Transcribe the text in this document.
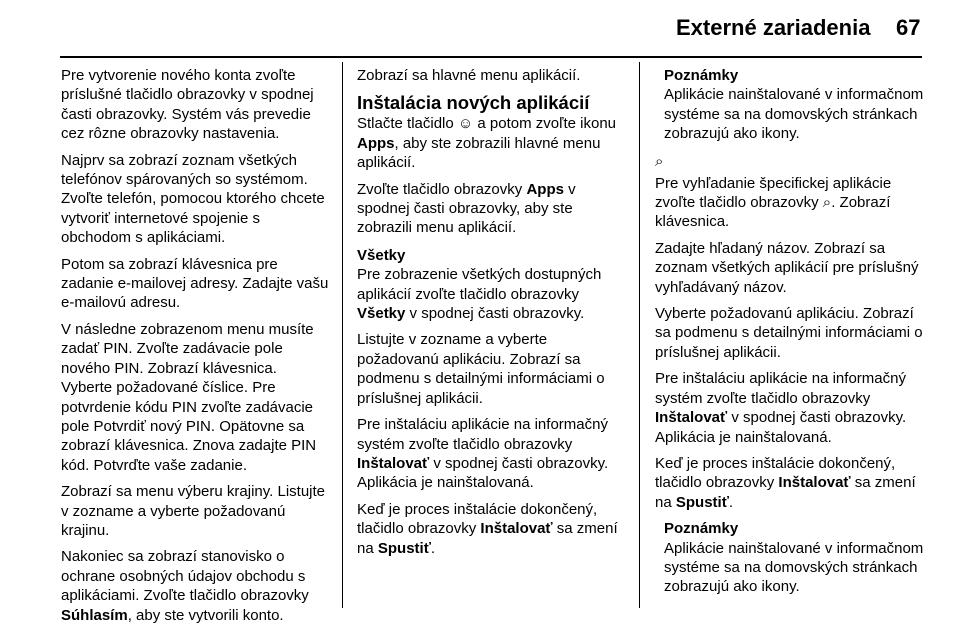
Externé zariadenia 67

Pre vytvorenie nového konta zvoľte príslušné tlačidlo obrazovky v spodnej časti obrazovky. Systém vás prevedie cez rôzne obrazovky nastavenia.

Najprv sa zobrazí zoznam všetkých telefónov spárovaných so systémom. Zvoľte telefón, pomocou ktorého chcete vytvoriť internetové spojenie s obchodom s aplikáciami.

Potom sa zobrazí klávesnica pre zadanie e-mailovej adresy. Zadajte vašu e-mailovú adresu.

V následne zobrazenom menu musíte zadať PIN. Zvoľte zadávacie pole nového PIN. Zobrazí klávesnica. Vyberte požadované číslice. Pre potvrdenie kódu PIN zvoľte zadávacie pole Potvrdiť nový PIN. Opätovne sa zobrazí klávesnica. Znova zadajte PIN kód. Potvrďte vaše zadanie.

Zobrazí sa menu výberu krajiny. Listujte v zozname a vyberte požadovanú krajinu.

Nakoniec sa zobrazí stanovisko o ochrane osobných údajov obchodu s aplikáciami. Zvoľte tlačidlo obrazovky Súhlasím, aby ste vytvorili konto.

Zobrazí sa hlavné menu aplikácií.

Inštalácia nových aplikácií

Stlačte tlačidlo ☺ a potom zvoľte ikonu Apps, aby ste zobrazili hlavné menu aplikácií.

Zvoľte tlačidlo obrazovky Apps v spodnej časti obrazovky, aby ste zobrazili menu aplikácií.

Všetky

Pre zobrazenie všetkých dostupných aplikácií zvoľte tlačidlo obrazovky Všetky v spodnej časti obrazovky.

Listujte v zozname a vyberte požadovanú aplikáciu. Zobrazí sa podmenu s detailnými informáciami o príslušnej aplikácii.

Pre inštaláciu aplikácie na informačný systém zvoľte tlačidlo obrazovky Inštalovať v spodnej časti obrazovky. Aplikácia je nainštalovaná.

Keď je proces inštalácie dokončený, tlačidlo obrazovky Inštalovať sa zmení na Spustiť.

Poznámky
Aplikácie nainštalované v informačnom systéme sa na domovských stránkach zobrazujú ako ikony.
⌕

Pre vyhľadanie špecifickej aplikácie zvoľte tlačidlo obrazovky ⌕. Zobrazí klávesnica.

Zadajte hľadaný názov. Zobrazí sa zoznam všetkých aplikácií pre príslušný vyhľadávaný názov.

Vyberte požadovanú aplikáciu. Zobrazí sa podmenu s detailnými informáciami o príslušnej aplikácii.

Pre inštaláciu aplikácie na informačný systém zvoľte tlačidlo obrazovky Inštalovať v spodnej časti obrazovky. Aplikácia je nainštalovaná.

Keď je proces inštalácie dokončený, tlačidlo obrazovky Inštalovať sa zmení na Spustiť.

Poznámky
Aplikácie nainštalované v informačnom systéme sa na domovských stránkach zobrazujú ako ikony.
